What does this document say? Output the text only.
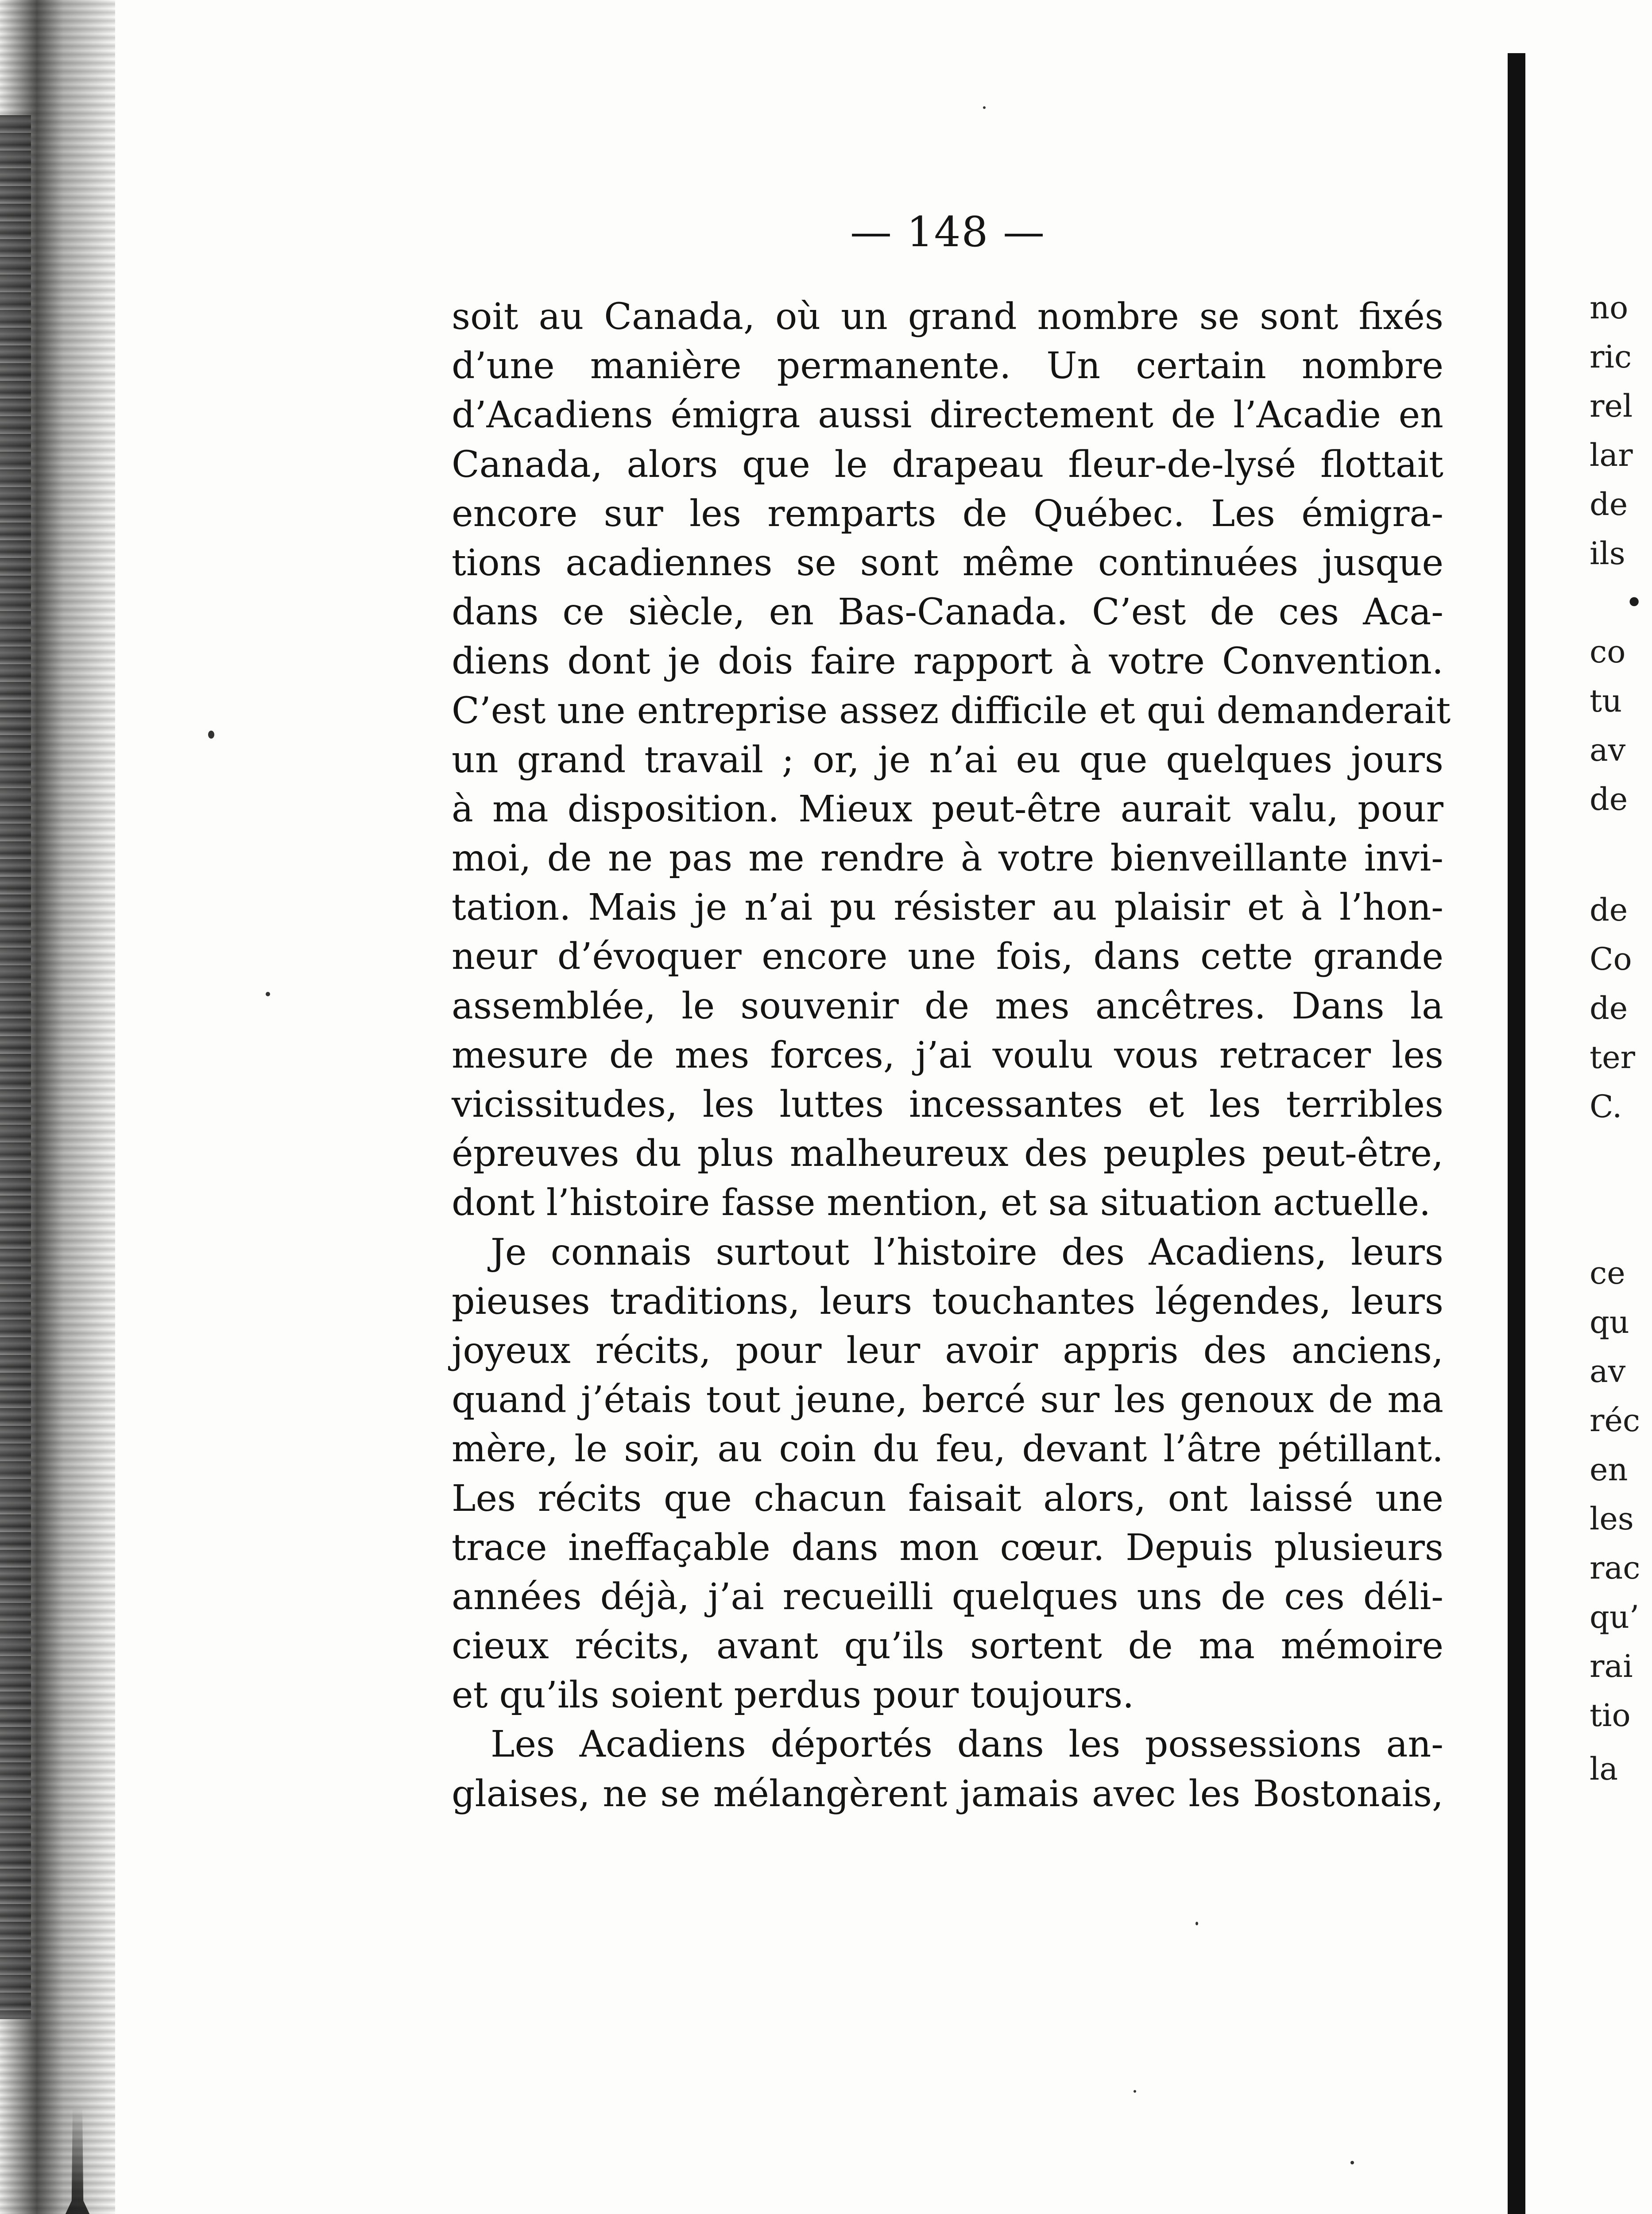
— 148 —
soit au Canada, où un grand nombre se sont fixés
d’une manière permanente. Un certain nombre
d’Acadiens émigra aussi directement de l’Acadie en
Canada, alors que le drapeau fleur-de-lysé flottait
encore sur les remparts de Québec. Les émigra-
tions acadiennes se sont même continuées jusque
dans ce siècle, en Bas-Canada. C’est de ces Aca-
diens dont je dois faire rapport à votre Convention.
C’est une entreprise assez difficile et qui demanderait
un grand travail ; or, je n’ai eu que quelques jours
à ma disposition. Mieux peut-être aurait valu, pour
moi, de ne pas me rendre à votre bienveillante invi-
tation. Mais je n’ai pu résister au plaisir et à l’hon-
neur d’évoquer encore une fois, dans cette grande
assemblée, le souvenir de mes ancêtres. Dans la
mesure de mes forces, j’ai voulu vous retracer les
vicissitudes, les luttes incessantes et les terribles
épreuves du plus malheureux des peuples peut-être,
dont l’histoire fasse mention, et sa situation actuelle.
Je connais surtout l’histoire des Acadiens, leurs
pieuses traditions, leurs touchantes légendes, leurs
joyeux récits, pour leur avoir appris des anciens,
quand j’étais tout jeune, bercé sur les genoux de ma
mère, le soir, au coin du feu, devant l’âtre pétillant.
Les récits que chacun faisait alors, ont laissé une
trace ineffaçable dans mon cœur. Depuis plusieurs
années déjà, j’ai recueilli quelques uns de ces déli-
cieux récits, avant qu’ils sortent de ma mémoire
et qu’ils soient perdus pour toujours.
Les Acadiens déportés dans les possessions an-
glaises, ne se mélangèrent jamais avec les Bostonais,
no
ric
rel
lar
de
ils
•
co
tu
av
de
de
Co
de
ter
C.
ce
qu
av
réc
en
les
rac
qu’
rai
tio
la
